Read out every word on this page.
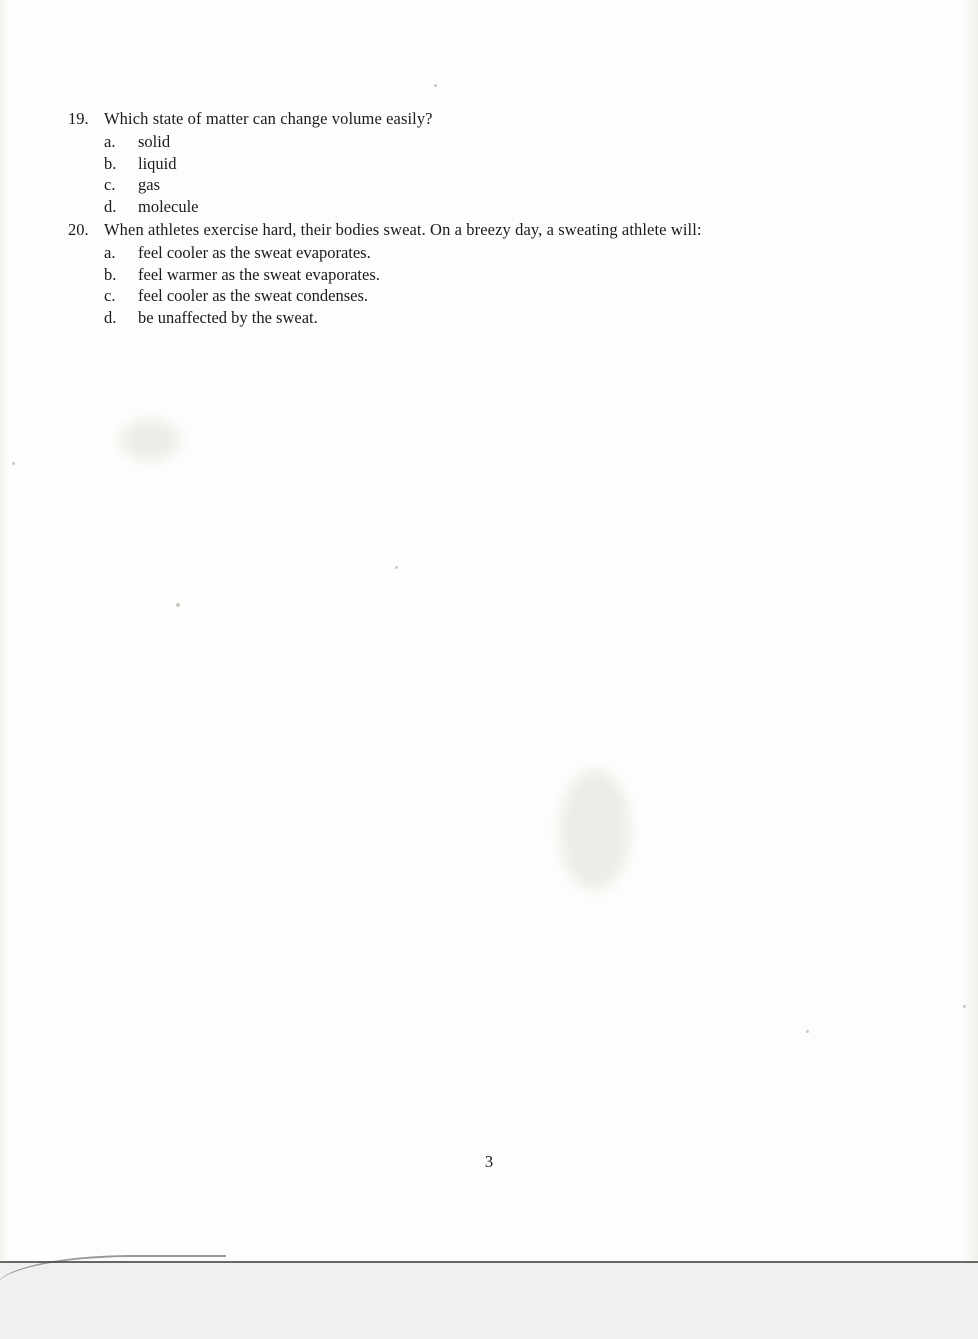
19. Which state of matter can change volume easily?
a.	solid
b.	liquid
c.	gas
d.	molecule
20. When athletes exercise hard, their bodies sweat. On a breezy day, a sweating athlete will:
a.	feel cooler as the sweat evaporates.
b.	feel warmer as the sweat evaporates.
c.	feel cooler as the sweat condenses.
d.	be unaffected by the sweat.
3
